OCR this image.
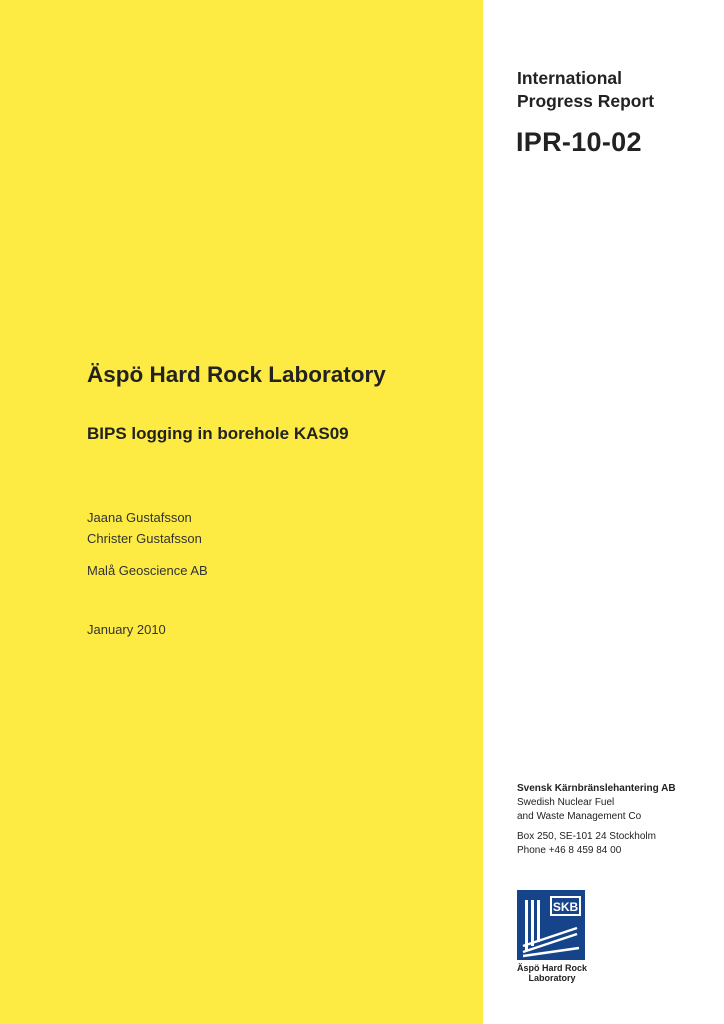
International
Progress Report
IPR-10-02
Äspö Hard Rock Laboratory
BIPS logging in borehole KAS09
Jaana Gustafsson
Christer Gustafsson
Malå Geoscience AB
January 2010
Svensk Kärnbränslehantering AB
Swedish Nuclear Fuel
and Waste Management Co
Box 250, SE-101 24 Stockholm
Phone +46 8 459 84 00
SKB
Äspö Hard Rock
Laboratory
